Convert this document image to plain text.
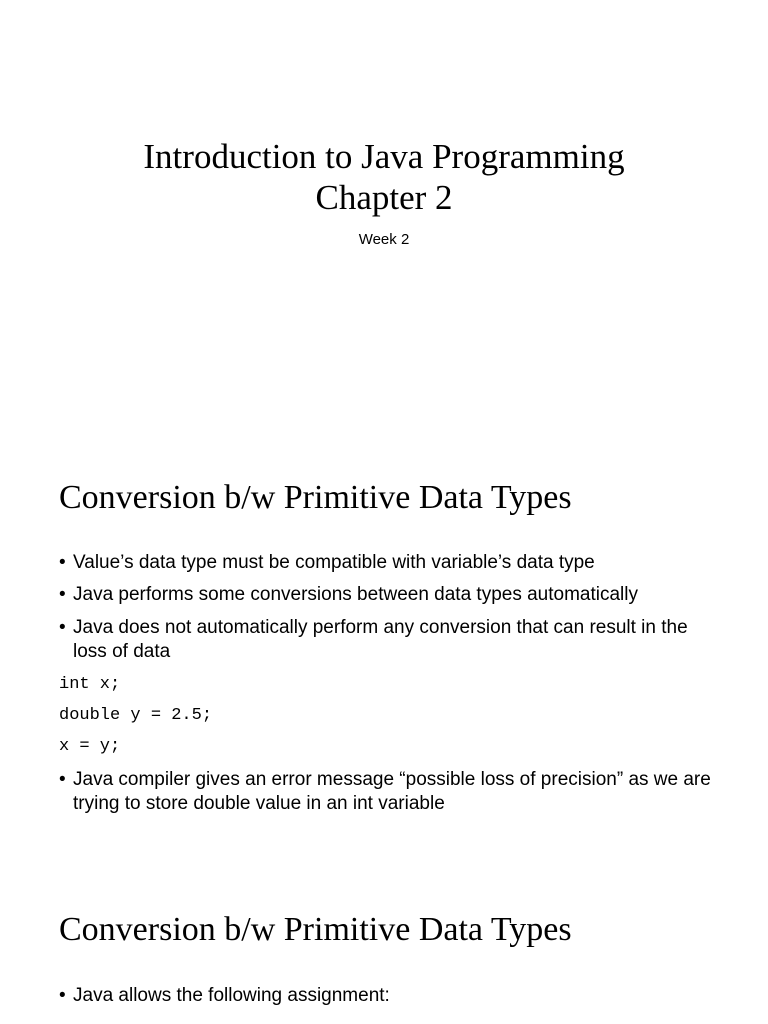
Introduction to Java Programming
Chapter 2
Week 2
Conversion b/w Primitive Data Types
• Value’s data type must be compatible with variable’s data type
• Java performs some conversions between data types automatically
• Java does not automatically perform any conversion that can result in the loss of data
int x;
double y = 2.5;
x = y;
• Java compiler gives an error message “possible loss of precision” as we are trying to store double value in an int variable
Conversion b/w Primitive Data Types
• Java allows the following assignment:
